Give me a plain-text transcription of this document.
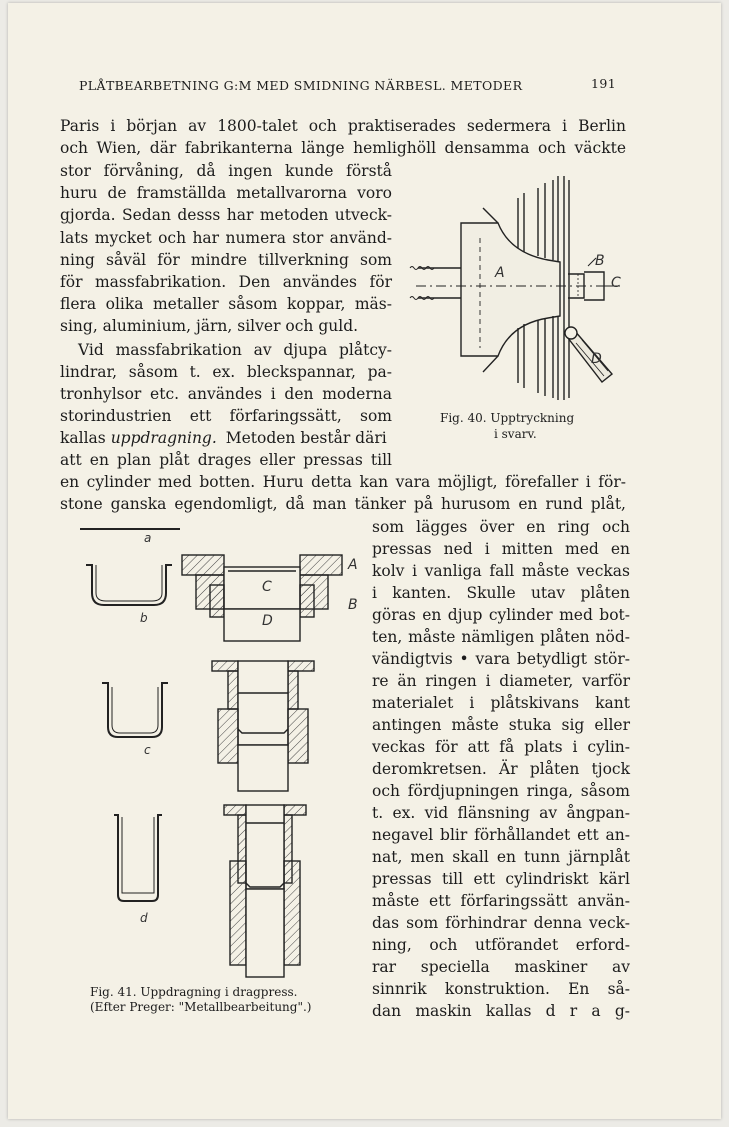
PLÅTBEARBETNING G:M MED SMIDNING NÄRBESL. METODER	191
Paris i början av 1800-talet och praktiserades sedermera i Berlin
och Wien, där fabrikanterna länge hemlighöll densamma och väckte
stor förvåning, då ingen kunde förstå
huru de framställda metallvarorna voro
gjorda. Sedan desss har metoden utveck-
lats mycket och har numera stor använd-
ning såväl för mindre tillverkning som
för massfabrikation. Den användes för
flera olika metaller såsom koppar, mäs-
sing, aluminium, järn, silver och guld.
Vid massfabrikation av djupa plåtcy-
lindrar, såsom t. ex. bleckspannar, pa-
tronhylsor etc. användes i den moderna
storindustrien ett förfaringssätt, som
kallas uppdragning. Metoden består däri
att en plan plåt drages eller pressas till
en cylinder med botten. Huru detta kan vara möjligt, förefaller i för-
stone ganska egendomligt, då man tänker på hurusom en rund plåt,
som lägges över en ring och
pressas ned i mitten med en
kolv i vanliga fall måste veckas
i kanten. Skulle utav plåten
göras en djup cylinder med bot-
ten, måste nämligen plåten nöd-
vändigtvis • vara betydligt stör-
re än ringen i diameter, varför
materialet i plåtskivans kant
antingen måste stuka sig eller
veckas för att få plats i cylin-
deromkretsen. Är plåten tjock
och fördjupningen ringa, såsom
t. ex. vid flänsning av ångpan-
negavel blir förhållandet ett an-
nat, men skall en tunn järnplåt
pressas till ett cylindriskt kärl
måste ett förfaringssätt använ-
das som förhindrar denna veck-
ning, och utförandet erford-
rar speciella maskiner av
sinnrik konstruktion. En så-
dan maskin kallas d r a g-
A
B
C
D
Fig. 40. Upptryckning
i svarv.
a
b
c
d
A
B
C
D
Fig. 41. Uppdragning i dragpress.
(Efter Preger: "Metallbearbeitung".)
